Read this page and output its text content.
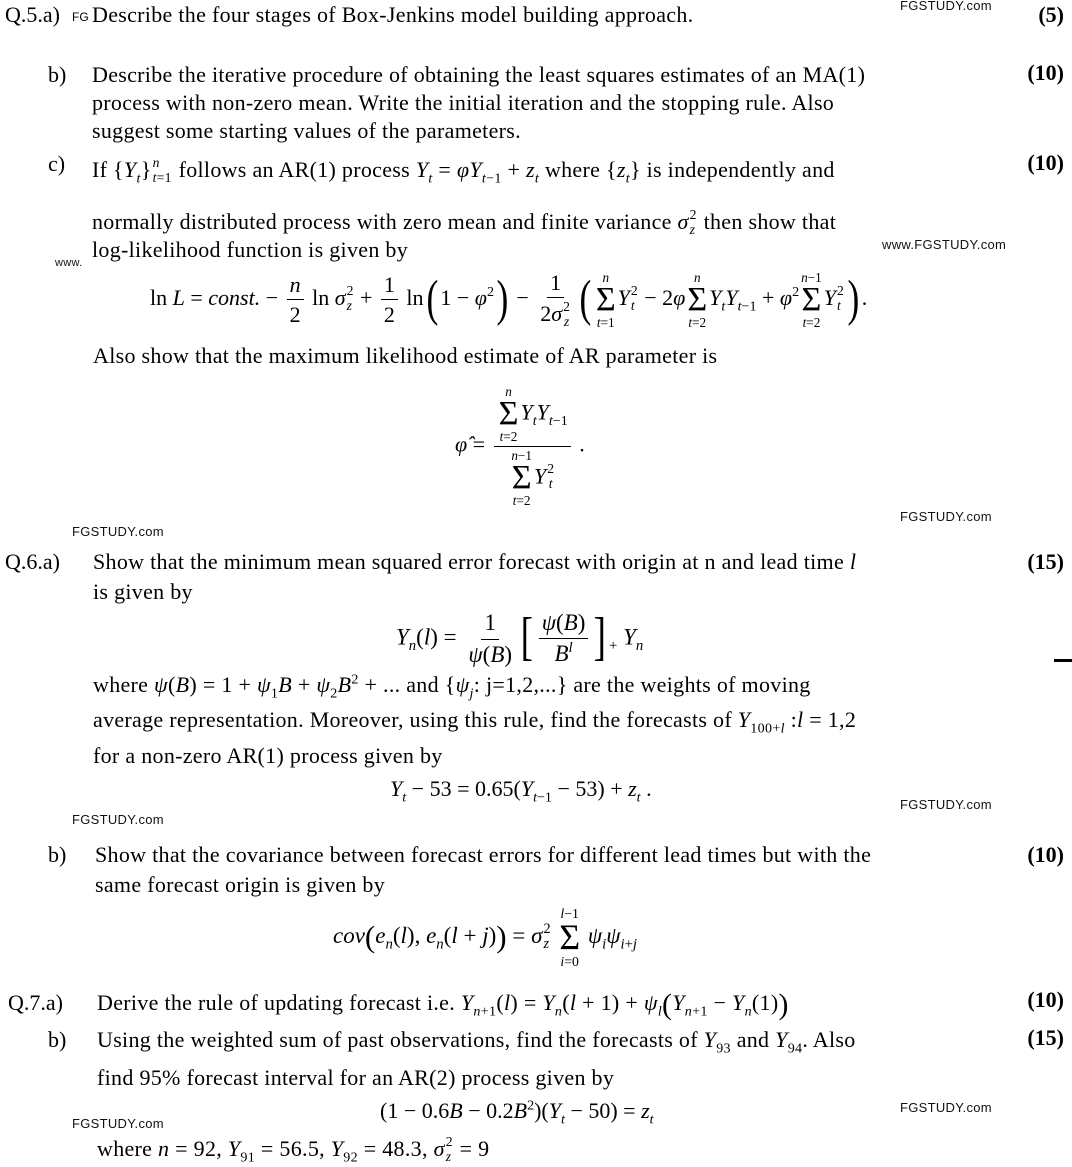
FGSTUDY.com
www.FGSTUDY.com
www.
FGSTUDY.com
FGSTUDY.com
FGSTUDY.com
FGSTUDY.com
FGSTUDY.com
FGSTUDY.com
Q.5.a) FG Describe the four stages of Box-Jenkins model building approach.	(5)
b) Describe the iterative procedure of obtaining the least squares estimates of an MA(1)
process with non-zero mean. Write the initial iteration and the stopping rule. Also
suggest some starting values of the parameters.
(10)
c) If $\{Y_t\}$ n
t=1 follows an AR(1) process $Y_t = \varphi Y_{t-1} + z_t$ where $\{z_t\}$ is independently and	(10)
normally distributed process with zero mean and finite variance σ 2
z then show that
log-likelihood function is given by
ln L = const. − $\frac{n}{2}$ ln σ 2
$z + \frac{1}{2} \ln$( $1 - \varphi^2) - 1$
2σ 2
z ( n
Σ
t=1
Y 2
t − 2φ
n
Σ
t=2
$Y_tY_{t-1} + \varphi^2$
n−1
Σ
t=2
Y 2
t ) .
Also show that the maximum likelihood estimate of AR parameter is
φ̂ = n
Σ
t=2
$Y_tY_{t-1}$
n−1
Σ
t=2
Y 2
t .
Q.6.a) Show that the minimum mean squared error forecast with origin at n and lead time l	(15)
is given by
$Y_n(l) = \frac{1}{\psi(B)}$ [ $\frac{\psi(B)}{B^l}$ ] $_+$ $Y_n$
where $\psi(B) = 1 + \psi_1B + \psi_2B^2$ + ... and {$\psi_j$: j=1,2,...} are the weights of moving
average representation. Moreover, using this rule, find the forecasts of $Y_{100+l}$ :l = 1,2
for a non-zero AR(1) process given by
$Y_t - 53 = 0.65(Y_{t-1} - 53) + z_t$ .
b) Show that the covariance between forecast errors for different lead times but with the	(10)
same forecast origin is given by
$cov(e_n(l)$, $e_n(l + j)) = \sigma$ 2
z

l−1
Σ
i=0
$\psi_i\psi_{i+j}$
Q.7.a) Derive the rule of updating forecast i.e. $Y_{n+1}(l) = Y_n(l + 1) + \psi_l(Y_{n+1} - Y_n(1))$	(10)
b) Using the weighted sum of past observations, find the forecasts of $Y_{93}$ and $Y_{94}$. Also	(15)
find 95% forecast interval for an AR(2) process given by
$(1 - 0.6B - 0.2B^2)(Y_t - 50) = z_t$
where n = 92, $Y_{91} = 56.5$, $Y_{92} = 48.3$, σ 2
z = 9
